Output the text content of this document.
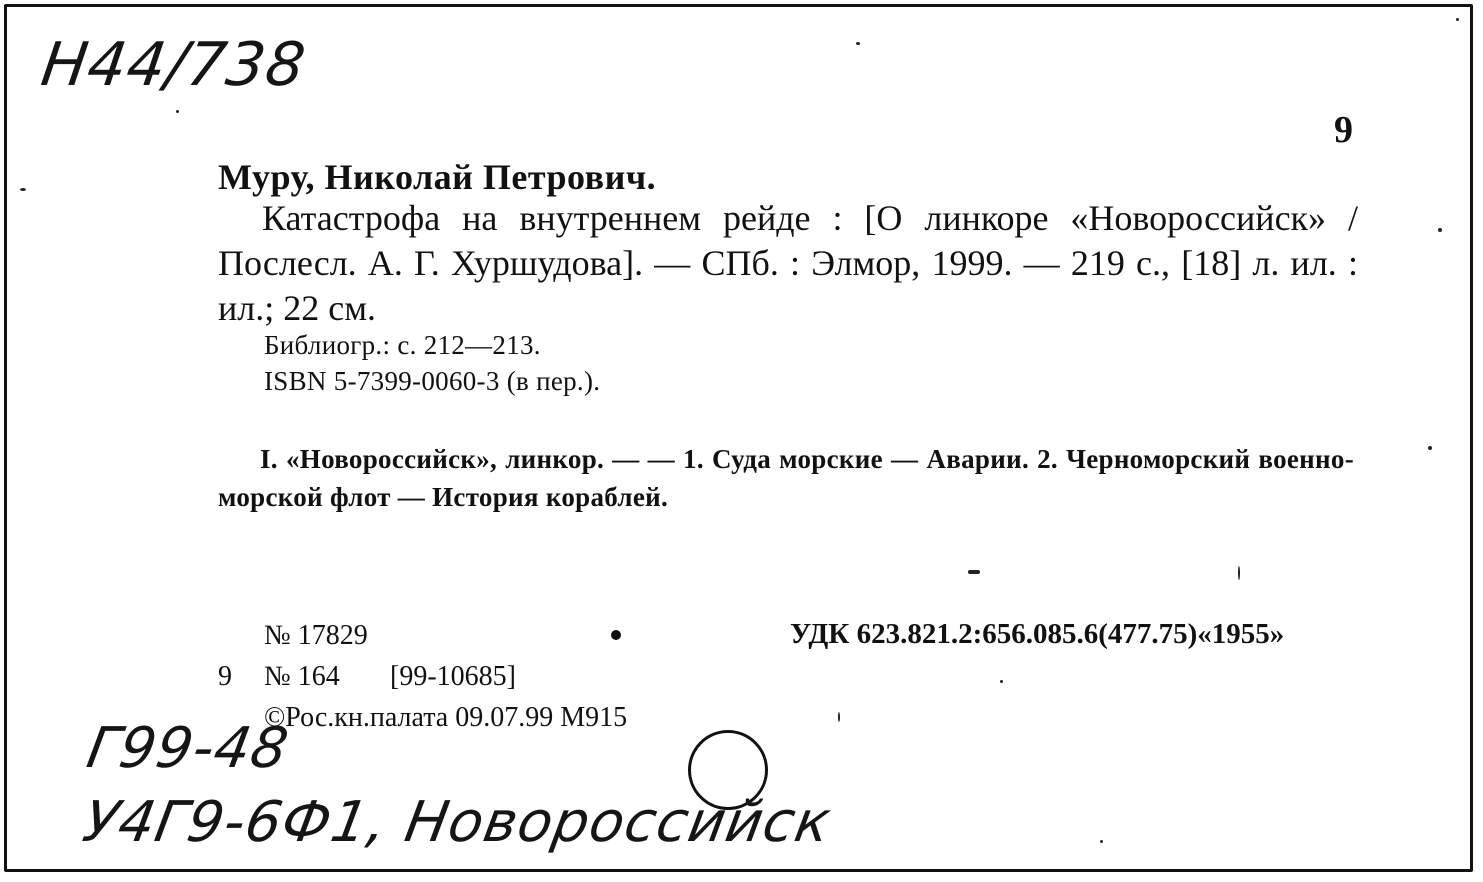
H44/738
9
Муру, Николай Петрович.

Катастрофа на внутреннем рейде : [О линкоре «Новороссийск» / Послесл. А. Г. Хуршудова]. — СПб. : Элмор, 1999. — 219 с., [18] л. ил. : ил.; 22 см.

Библиогр.: с. 212—213.
ISBN 5-7399-0060-3 (в пер.).

I. «Новороссийск», линкор. — — 1. Суда морские — Аварии. 2. Черноморский военно-морской флот — История кораблей.

№ 17829	УДК 623.821.2:656.085.6(477.75)«1955»
9 № 164 [99-10685]
©Рос.кн.палата 09.07.99 М915
Г99-48
У4Г9-6Ф1, Новороссийск
